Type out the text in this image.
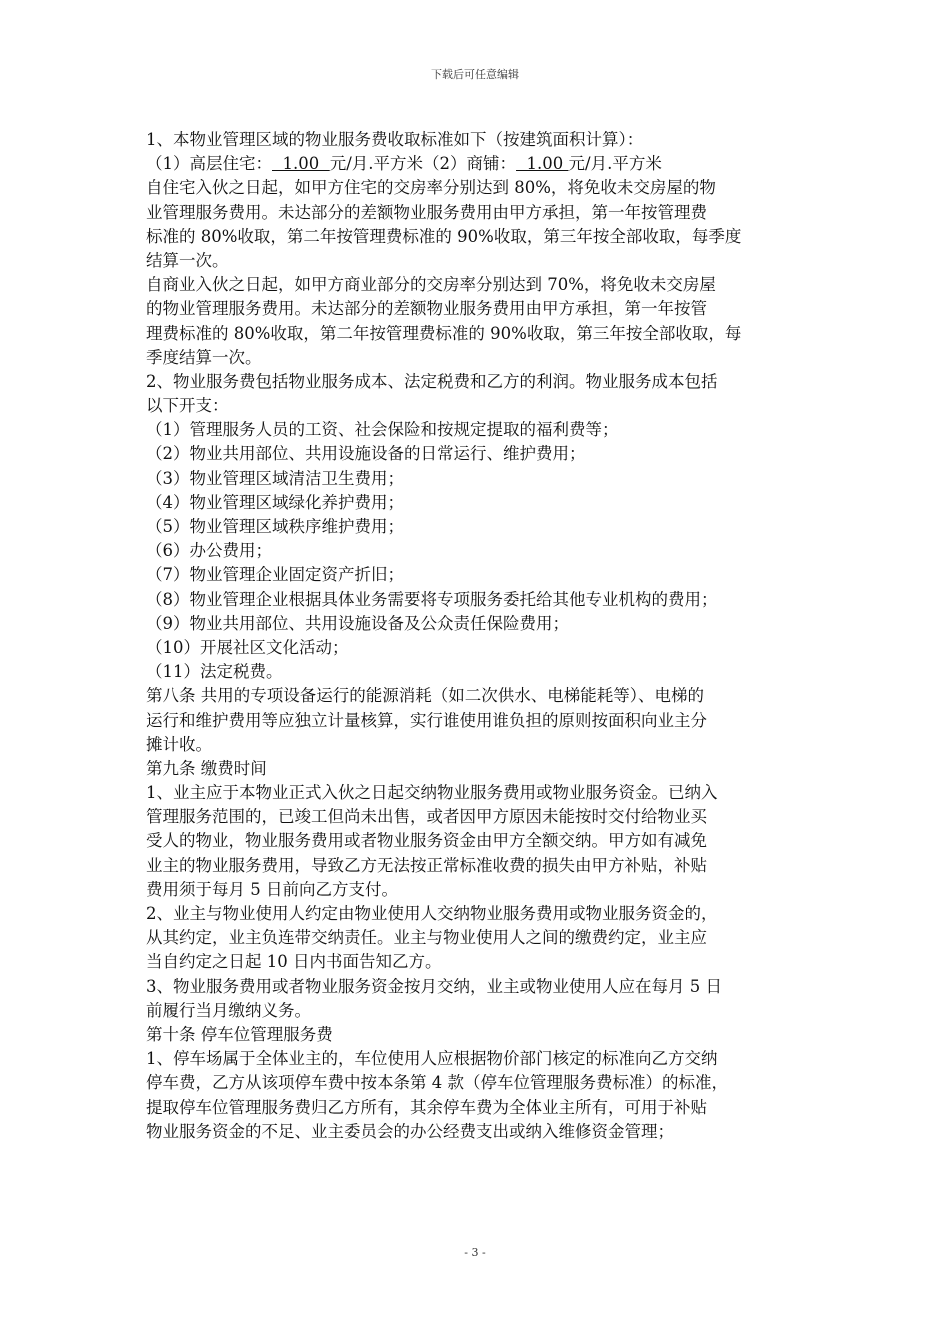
下载后可任意编辑
1、本物业管理区域的物业服务费收取标准如下（按建筑面积计算）：
（1）高层住宅：  1.00  元/月.平方米（2）商铺：  1.00 元/月.平方米
自住宅入伙之日起，如甲方住宅的交房率分别达到 80%，将免收未交房屋的物
业管理服务费用。未达部分的差额物业服务费用由甲方承担，第一年按管理费
标准的 80%收取，第二年按管理费标准的 90%收取，第三年按全部收取，每季度
结算一次。
自商业入伙之日起，如甲方商业部分的交房率分别达到 70%，将免收未交房屋
的物业管理服务费用。未达部分的差额物业服务费用由甲方承担，第一年按管
理费标准的 80%收取，第二年按管理费标准的 90%收取，第三年按全部收取，每
季度结算一次。
2、物业服务费包括物业服务成本、法定税费和乙方的利润。物业服务成本包括
以下开支：
（1）管理服务人员的工资、社会保险和按规定提取的福利费等；
（2）物业共用部位、共用设施设备的日常运行、维护费用；
（3）物业管理区域清洁卫生费用；
（4）物业管理区域绿化养护费用；
（5）物业管理区域秩序维护费用；
（6）办公费用；
（7）物业管理企业固定资产折旧；
（8）物业管理企业根据具体业务需要将专项服务委托给其他专业机构的费用；
（9）物业共用部位、共用设施设备及公众责任保险费用；
（10）开展社区文化活动；
（11）法定税费。
第八条 共用的专项设备运行的能源消耗（如二次供水、电梯能耗等）、电梯的
运行和维护费用等应独立计量核算，实行谁使用谁负担的原则按面积向业主分
摊计收。
第九条 缴费时间
1、业主应于本物业正式入伙之日起交纳物业服务费用或物业服务资金。已纳入
管理服务范围的，已竣工但尚未出售，或者因甲方原因未能按时交付给物业买
受人的物业，物业服务费用或者物业服务资金由甲方全额交纳。甲方如有减免
业主的物业服务费用，导致乙方无法按正常标准收费的损失由甲方补贴，补贴
费用须于每月 5 日前向乙方支付。
2、业主与物业使用人约定由物业使用人交纳物业服务费用或物业服务资金的，
从其约定，业主负连带交纳责任。业主与物业使用人之间的缴费约定，业主应
当自约定之日起 10 日内书面告知乙方。
3、物业服务费用或者物业服务资金按月交纳，业主或物业使用人应在每月 5 日
前履行当月缴纳义务。
第十条 停车位管理服务费
1、停车场属于全体业主的，车位使用人应根据物价部门核定的标准向乙方交纳
停车费，乙方从该项停车费中按本条第 4 款（停车位管理服务费标准）的标准，
提取停车位管理服务费归乙方所有，其余停车费为全体业主所有，可用于补贴
物业服务资金的不足、业主委员会的办公经费支出或纳入维修资金管理；
- 3 -
